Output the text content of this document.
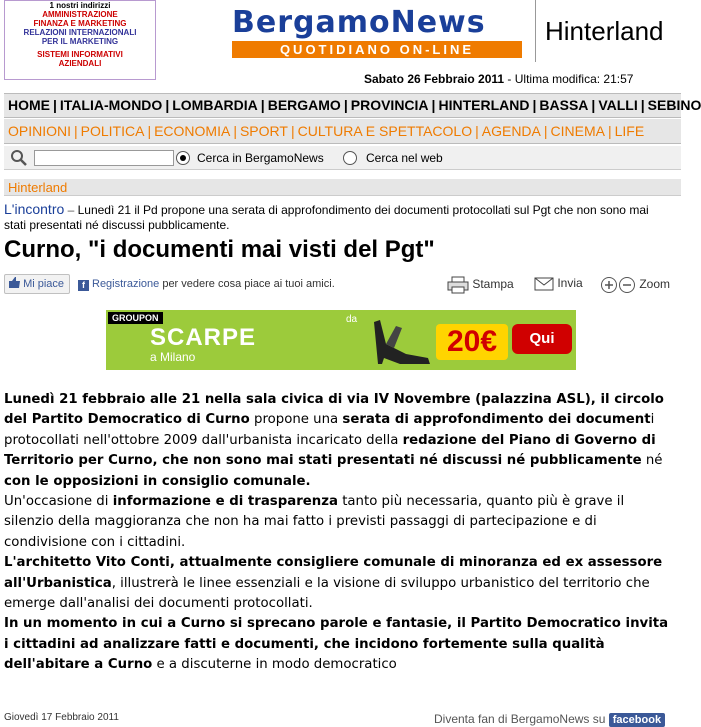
1 nostri indirizzi
AMMINISTRAZIONE
FINANZA E MARKETING
RELAZIONI INTERNAZIONALI
PER IL MARKETING
SISTEMI INFORMATIVI
AZIENDALI
BergamoNews
QUOTIDIANO ON-LINE
Hinterland
Sabato 26 Febbraio 2011 - Ultima modifica: 21:57
HOME | ITALIA-MONDO | LOMBARDIA | BERGAMO | PROVINCIA | HINTERLAND | BASSA | VALLI | SEBINO
OPINIONI | POLITICA | ECONOMIA | SPORT | CULTURA E SPETTACOLO | AGENDA | CINEMA | LIFE
Cerca in BergamoNews	Cerca nel web
Hinterland
L'incontro – Lunedì 21 il Pd propone una serata di approfondimento dei documenti protocollati sul Pgt che non sono mai stati presentati né discussi pubblicamente.
Curno, "i documenti mai visti del Pgt"
Mi piace	f Registrazione per vedere cosa piace ai tuoi amici.	Stampa	Invia	Zoom
GROUPON
SCARPE
a Milano
da
20€	Qui

Lunedì 21 febbraio alle 21 nella sala civica di via IV Novembre (palazzina ASL), il circolo del Partito Democratico di Curno propone una serata di approfondimento dei documenti protocollati nell'ottobre 2009 dall'urbanista incaricato della redazione del Piano di Governo di Territorio per Curno, che non sono mai stati presentati né discussi né pubblicamente né con le opposizioni in consiglio comunale.

Un'occasione di informazione e di trasparenza tanto più necessaria, quanto più è grave il silenzio della maggioranza che non ha mai fatto i previsti passaggi di partecipazione e di condivisione con i cittadini.

L'architetto Vito Conti, attualmente consigliere comunale di minoranza ed ex assessore all'Urbanistica, illustrerà le linee essenziali e la visione di sviluppo urbanistico del territorio che emerge dall'analisi dei documenti protocollati.

In un momento in cui a Curno si sprecano parole e fantasie, il Partito Democratico invita i cittadini ad analizzare fatti e documenti, che incidono fortemente sulla qualità dell'abitare a Curno e a discuterne in modo democratico

Giovedì 17 Febbraio 2011	Diventa fan di BergamoNews su facebook
